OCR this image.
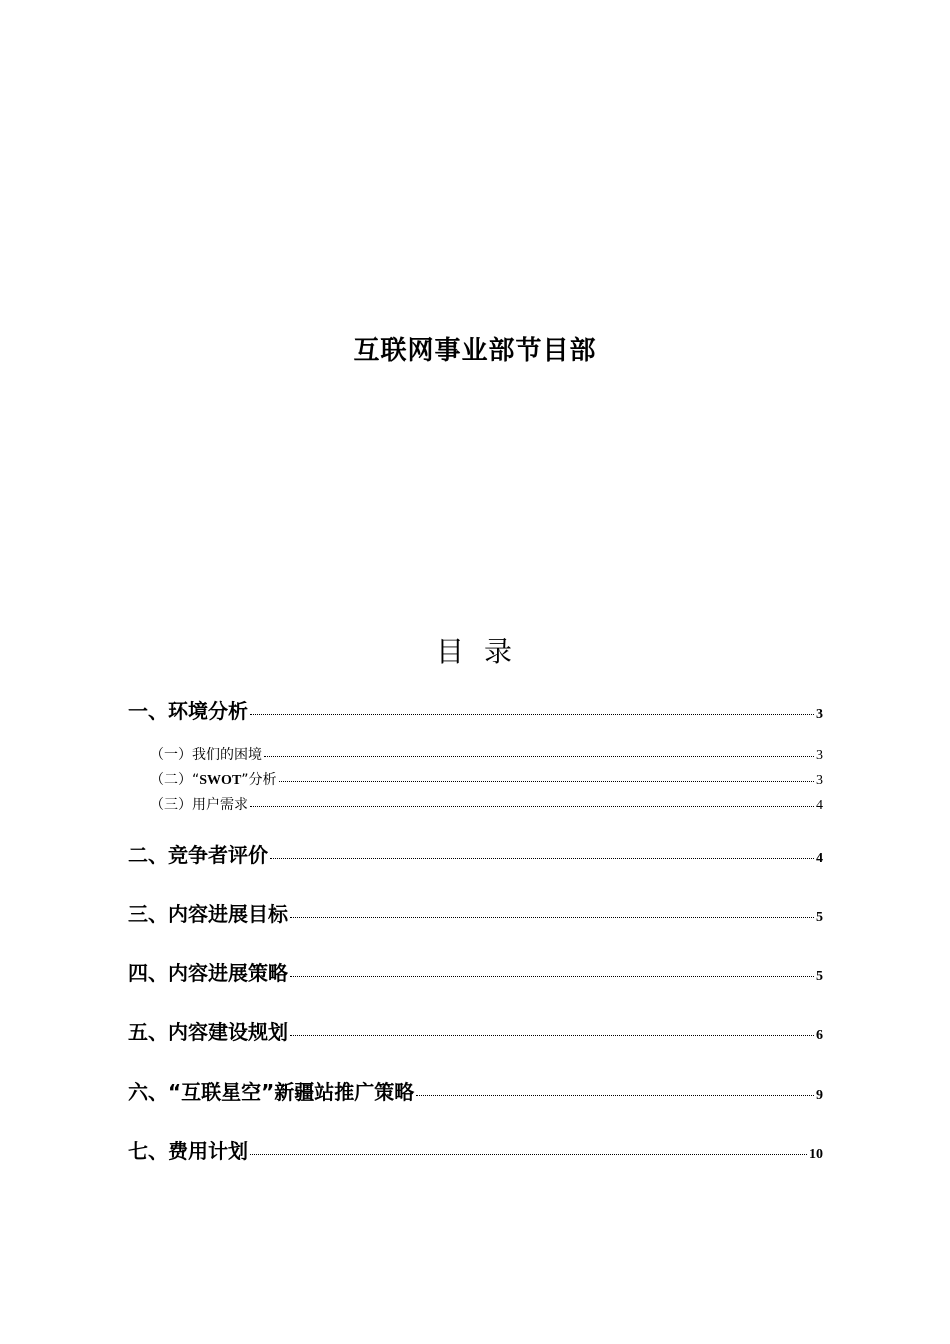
互联网事业部节目部
目 录
一、环境分析	3
（一）我们的困境	3
（二）“SWOT”分析	3
（三）用户需求	4
二、竞争者评价	4
三、内容进展目标	5
四、内容进展策略	5
五、内容建设规划	6
六、“互联星空”新疆站推广策略	9
七、费用计划	10
